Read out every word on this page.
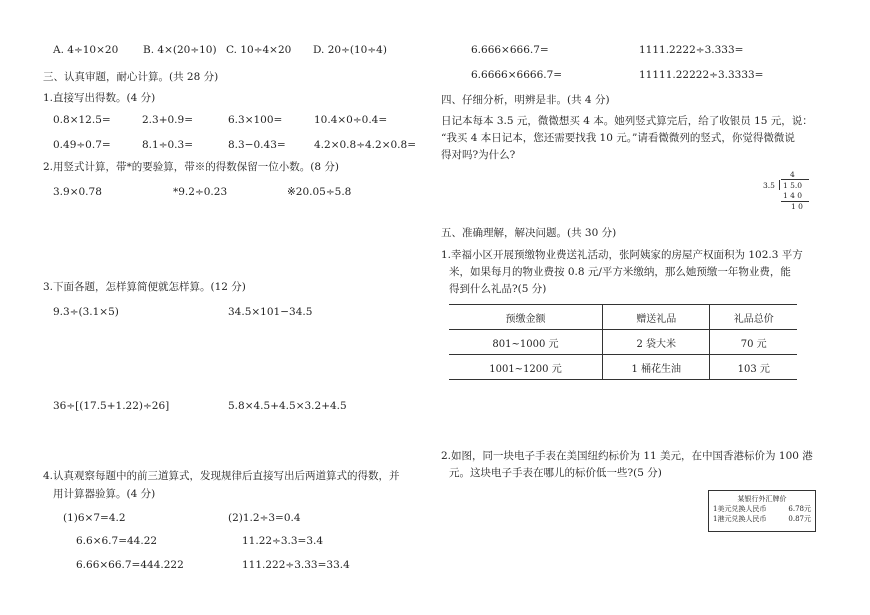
A. 4÷10×20 B. 4×(20÷10) C. 10÷4×20 D. 20÷(10÷4)
三、认真审题，耐心计算。(共 28 分)
1.直接写出得数。(4 分)
0.8×12.5=	2.3+0.9=	6.3×100=	10.4×0÷0.4=
0.49÷0.7=	8.1÷0.3=	8.3−0.43=	4.2×0.8÷4.2×0.8=
2.用竖式计算，带*的要验算，带※的得数保留一位小数。(8 分)
3.9×0.78	*9.2÷0.23	※20.05÷5.8
3.下面各题，怎样算简便就怎样算。(12 分)
9.3÷(3.1×5)	34.5×101−34.5
36÷[(17.5+1.22)÷26]	5.8×4.5+4.5×3.2+4.5
4.认真观察每题中的前三道算式，发现规律后直接写出后两道算式的得数，并
用计算器验算。(4 分)
(1)6×7=4.2
6.6×6.7=44.22
6.66×66.7=444.222
(2)1.2÷3=0.4
11.22÷3.3=3.4
111.222÷3.33=33.4
6.666×666.7=	1111.2222÷3.333=
6.6666×6666.7=	11111.22222÷3.3333=
四、仔细分析，明辨是非。(共 4 分)
日记本每本 3.5 元，微微想买 4 本。她列竖式算完后，给了收银员 15 元，说：
“我买 4 本日记本，您还需要找我 10 元。”请看微微列的竖式，你觉得微微说
得对吗?为什么?
4
3.5 1 5.0
1 4 0
1 0
五、准确理解，解决问题。(共 30 分)
1.幸福小区开展预缴物业费送礼活动，张阿姨家的房屋产权面积为 102.3 平方
米，如果每月的物业费按 0.8 元/平方米缴纳，那么她预缴一年物业费，能
得到什么礼品?(5 分)
预缴金额	赠送礼品	礼品总价
801~1000 元	2 袋大米	70 元
1001~1200 元	1 桶花生油	103 元
2.如图，同一块电子手表在美国纽约标价为 11 美元，在中国香港标价为 100 港
元。这块电子手表在哪儿的标价低一些?(5 分)
某银行外汇牌价
1美元兑换人民币	6.78元
1港元兑换人民币	0.87元
